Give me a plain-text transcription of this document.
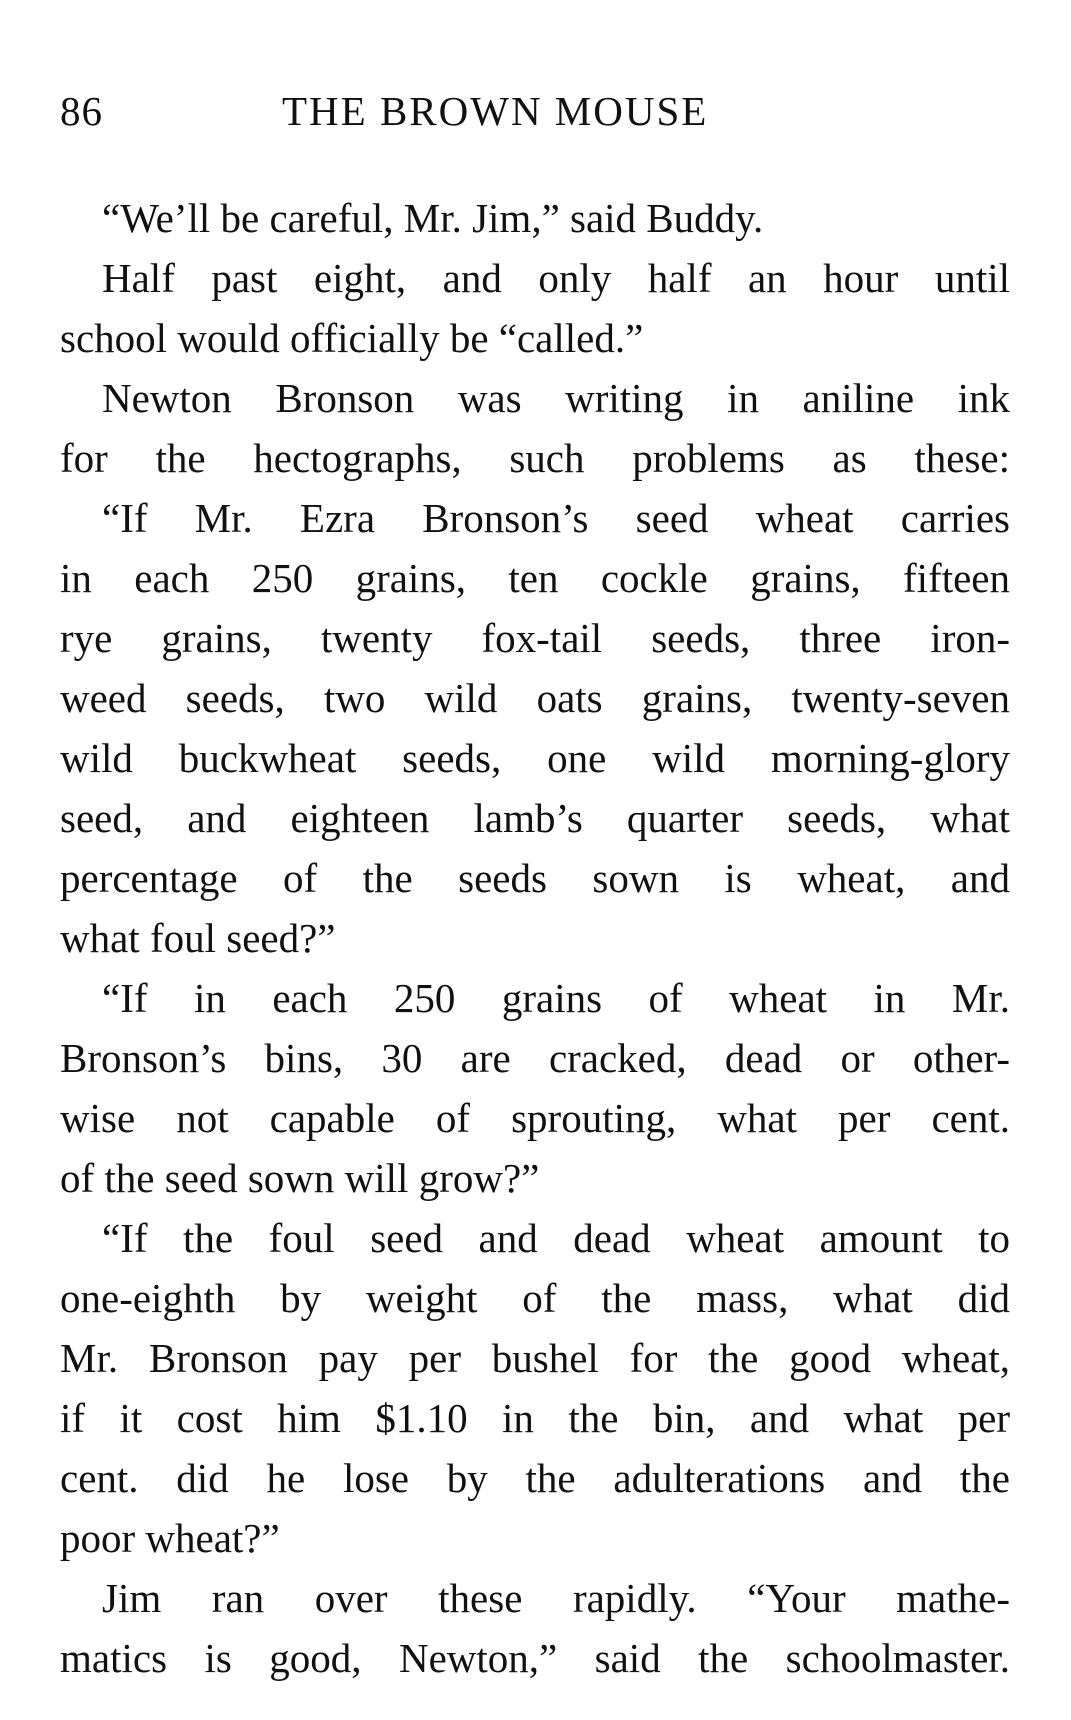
86	THE BROWN MOUSE
“We’ll be careful, Mr. Jim,” said Buddy.
Half past eight, and only half an hour until
school would officially be “called.”
Newton Bronson was writing in aniline ink
for the hectographs, such problems as these:
“If Mr. Ezra Bronson’s seed wheat carries
in each 250 grains, ten cockle grains, fifteen
rye grains, twenty fox-tail seeds, three iron-
weed seeds, two wild oats grains, twenty-seven
wild buckwheat seeds, one wild morning-glory
seed, and eighteen lamb’s quarter seeds, what
percentage of the seeds sown is wheat, and
what foul seed?”
“If in each 250 grains of wheat in Mr.
Bronson’s bins, 30 are cracked, dead or other-
wise not capable of sprouting, what per cent.
of the seed sown will grow?”
“If the foul seed and dead wheat amount to
one-eighth by weight of the mass, what did
Mr. Bronson pay per bushel for the good wheat,
if it cost him $1.10 in the bin, and what per
cent. did he lose by the adulterations and the
poor wheat?”
Jim ran over these rapidly. “Your mathe-
matics is good, Newton,” said the schoolmaster.
